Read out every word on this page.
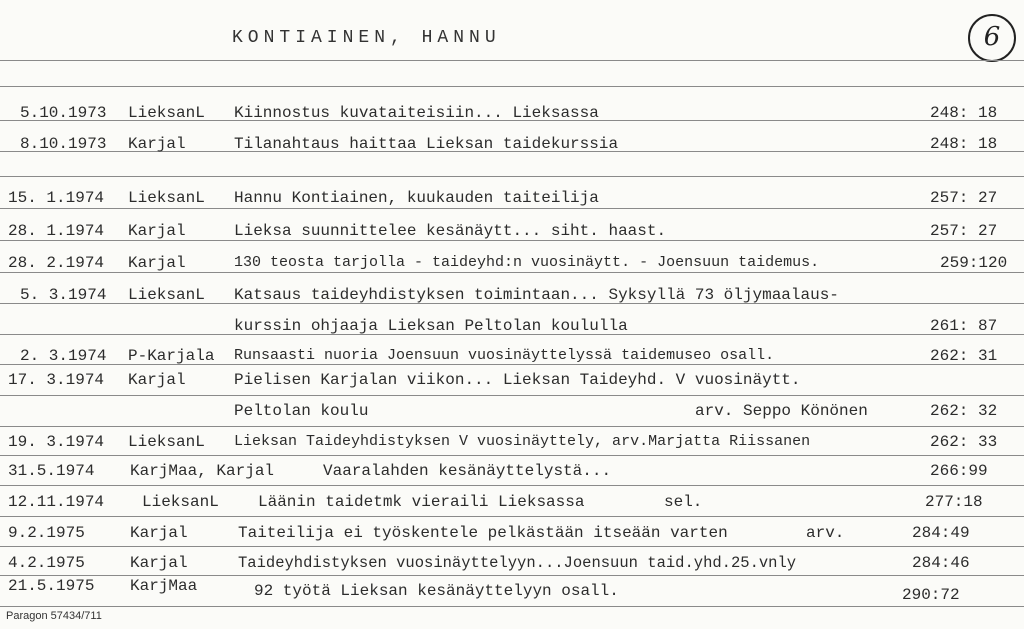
KONTIAINEN, HANNU	6
5.10.1973 LieksanL Kiinnostus kuvataiteisiin... Lieksassa	248: 18
8.10.1973 Karjal	Tilanahtaus haittaa Lieksan taidekurssia	248: 18
15. 1.1974 LieksanL Hannu Kontiainen, kuukauden taiteilija	257: 27
28. 1.1974 Karjal	Lieksa suunnittelee kesänäytt... siht. haast.	257: 27
28. 2.1974 Karjal	130 teosta tarjolla - taideyhd:n vuosinäytt. - Joensuun taidemus.	259:120
5. 3.1974 LieksanL Katsaus taideyhdistyksen toimintaan... Syksyllä 73 öljymaalaus-
kurssin ohjaaja Lieksan Peltolan koululla	261: 87
2. 3.1974 P-Karjala Runsaasti nuoria Joensuun vuosinäyttelyssä taidemuseo osall.	262: 31
17. 3.1974 Karjal	Pielisen Karjalan viikon... Lieksan Taideyhd. V vuosinäytt.
Peltolan koulu	arv. Seppo Könönen	262: 32
19. 3.1974 LieksanL Lieksan Taideyhdistyksen V vuosinäyttely, arv.Marjatta Riissanen	262: 33
31.5.1974 KarjMaa, Karjal	Vaaralahden kesänäyttelystä...	266:99
12.11.1974 LieksanL Läänin taidetmk vieraili Lieksassa	sel.	277:18
9.2.1975	Karjal	Taiteilija ei työskentele pelkästään itseään varten	arv.	284:49
4.2.1975	Karjal	Taideyhdistyksen vuosinäyttelyyn...Joensuun taid.yhd.25.vnly	284:46
21.5.1975 KarjMaa	92 työtä Lieksan kesänäyttelyyn osall.	290:72
Paragon 57434/711
